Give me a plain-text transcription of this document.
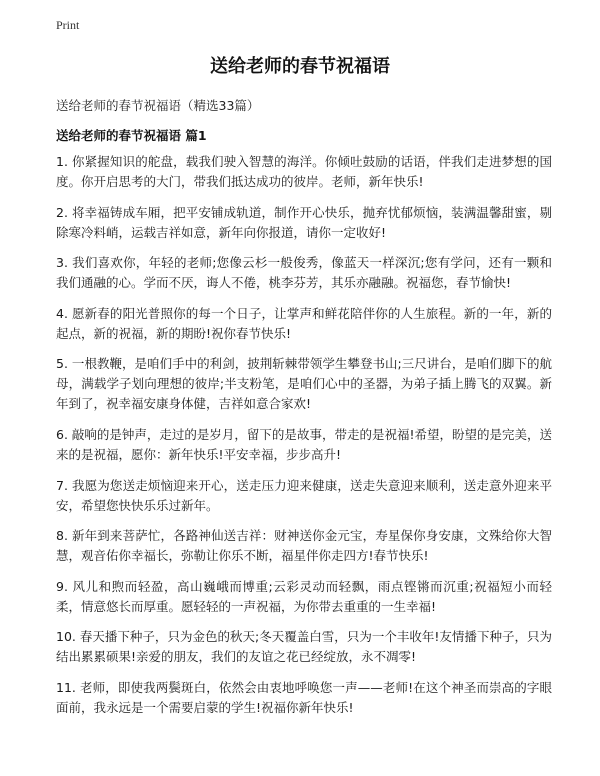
Print
送给老师的春节祝福语
送给老师的春节祝福语（精选33篇）
送给老师的春节祝福语 篇1

1. 你紧握知识的舵盘，载我们驶入智慧的海洋。你倾吐鼓励的话语，伴我们走进梦想的国度。你开启思考的大门，带我们抵达成功的彼岸。老师，新年快乐!

2. 将幸福铸成车厢，把平安铺成轨道，制作开心快乐，抛弃忧郁烦恼，装满温馨甜蜜，剔除寒冷料峭，运载吉祥如意，新年向你报道，请你一定收好!

3. 我们喜欢你，年轻的老师;您像云杉一般俊秀，像蓝天一样深沉;您有学问，还有一颗和我们通融的心。学而不厌，诲人不倦，桃李芬芳，其乐亦融融。祝福您，春节愉快!

4. 愿新春的阳光普照你的每一个日子，让掌声和鲜花陪伴你的人生旅程。新的一年，新的起点，新的祝福，新的期盼!祝你春节快乐!

5. 一根教鞭，是咱们手中的利剑，披荆斩棘带领学生攀登书山;三尺讲台，是咱们脚下的航母，满载学子划向理想的彼岸;半支粉笔，是咱们心中的圣器，为弟子插上腾飞的双翼。新年到了，祝幸福安康身体健，吉祥如意合家欢!

6. 敲响的是钟声，走过的是岁月，留下的是故事，带走的是祝福!希望，盼望的是完美，送来的是祝福，愿你：新年快乐!平安幸福，步步高升!

7. 我愿为您送走烦恼迎来开心，送走压力迎来健康，送走失意迎来顺利，送走意外迎来平安，希望您快快乐乐过新年。

8. 新年到来菩萨忙，各路神仙送吉祥：财神送你金元宝，寿星保你身安康，文殊给你大智慧，观音佑你幸福长，弥勒让你乐不断，福星伴你走四方!春节快乐!

9. 风儿和煦而轻盈，高山巍峨而博重;云彩灵动而轻飘，雨点铿锵而沉重;祝福短小而轻柔，情意悠长而厚重。愿轻轻的一声祝福，为你带去重重的一生幸福!

10. 春天播下种子，只为金色的秋天;冬天覆盖白雪，只为一个丰收年!友情播下种子，只为结出累累硕果!亲爱的朋友，我们的友谊之花已经绽放，永不凋零!

11. 老师，即使我两鬓斑白，依然会由衷地呼唤您一声——老师!在这个神圣而崇高的字眼面前，我永远是一个需要启蒙的学生!祝福你新年快乐!
